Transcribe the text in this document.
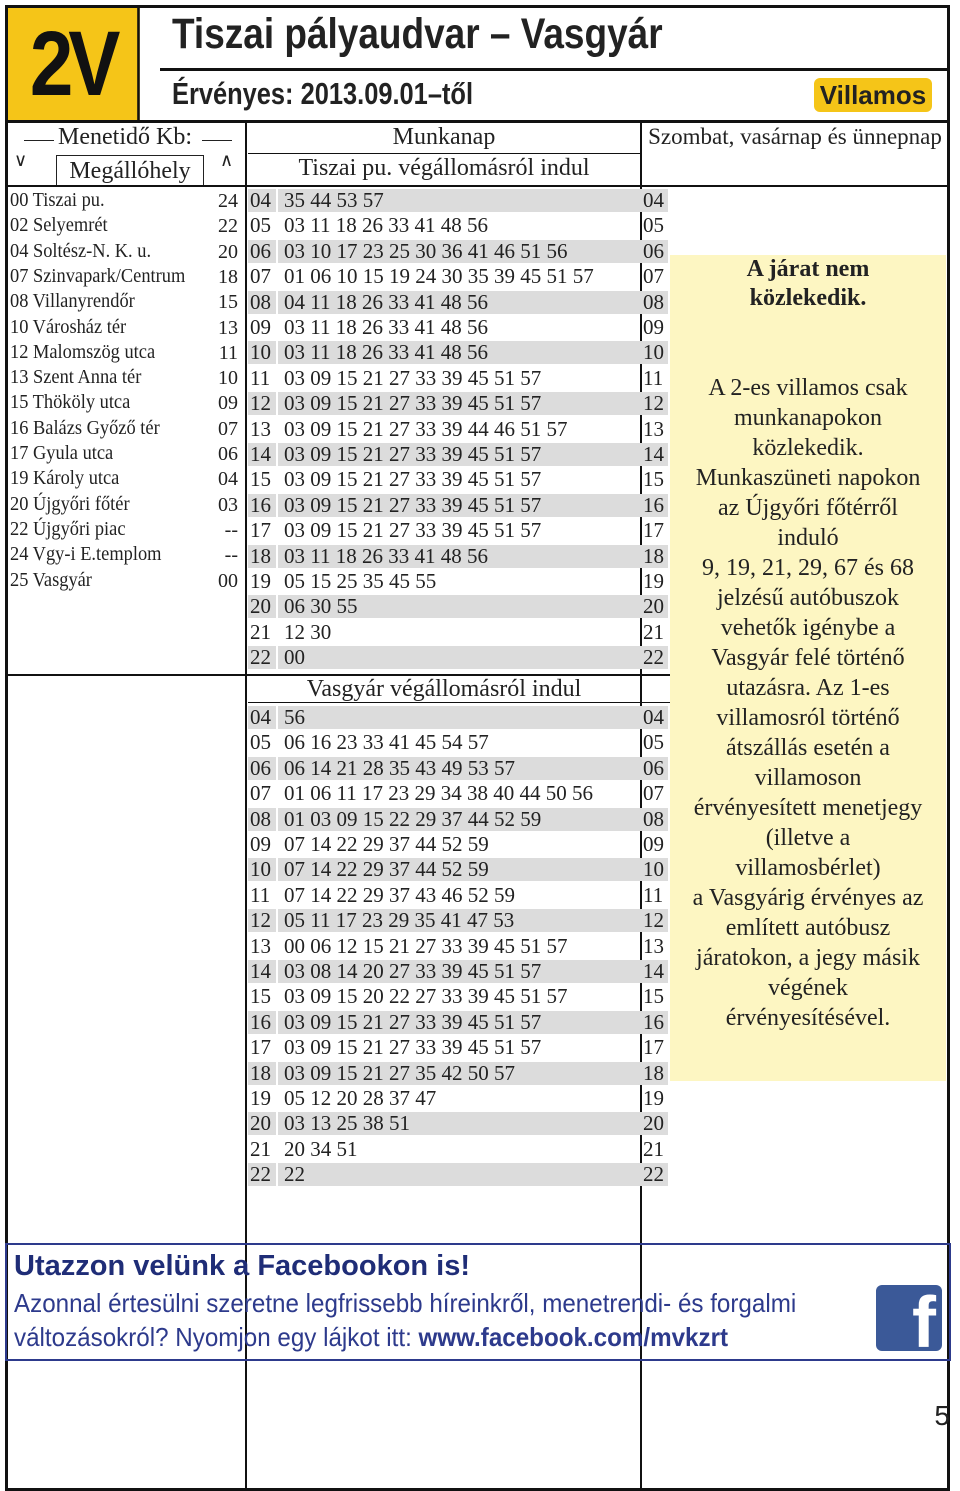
2V	Tiszai pályaudvar – Vasgyár
Érvényes: 2013.09.01–től	Villamos
Menetidő Kb:
∨	∧
Megállóhely
Munkanap
Tiszai pu. végállomásról indul
Szombat, vasárnap és ünnepnap
00 Tiszai pu.	24
02 Selyemrét	22
04 Soltész-N. K. u.	20
07 Szinvapark/Centrum	18
08 Villanyrendőr	15
10 Városház tér	13
12 Malomszög utca	11
13 Szent Anna tér	10
15 Thököly utca	09
16 Balázs Győző tér	07
17 Gyula utca	06
19 Károly utca	04
20 Újgyőri főtér	03
22 Újgyőri piac	--
24 Vgy-i E.templom	--
25 Vasgyár	00
04 35 44 53 57	04
05 03 11 18 26 33 41 48 56	05
06 03 10 17 23 25 30 36 41 46 51 56	06
07 01 06 10 15 19 24 30 35 39 45 51 57	07
08 04 11 18 26 33 41 48 56	08
09 03 11 18 26 33 41 48 56	09
10 03 11 18 26 33 41 48 56	10
11 03 09 15 21 27 33 39 45 51 57	11
12 03 09 15 21 27 33 39 45 51 57	12
13 03 09 15 21 27 33 39 44 46 51 57	13
14 03 09 15 21 27 33 39 45 51 57	14
15 03 09 15 21 27 33 39 45 51 57	15
16 03 09 15 21 27 33 39 45 51 57	16
17 03 09 15 21 27 33 39 45 51 57	17
18 03 11 18 26 33 41 48 56	18
19 05 15 25 35 45 55	19
20 06 30 55	20
21 12 30	21
22 00	22
Vasgyár végállomásról indul
04 56	04
05 06 16 23 33 41 45 54 57	05
06 06 14 21 28 35 43 49 53 57	06
07 01 06 11 17 23 29 34 38 40 44 50 56	07
08 01 03 09 15 22 29 37 44 52 59	08
09 07 14 22 29 37 44 52 59	09
10 07 14 22 29 37 44 52 59	10
11 07 14 22 29 37 43 46 52 59	11
12 05 11 17 23 29 35 41 47 53	12
13 00 06 12 15 21 27 33 39 45 51 57	13
14 03 08 14 20 27 33 39 45 51 57	14
15 03 09 15 20 22 27 33 39 45 51 57	15
16 03 09 15 21 27 33 39 45 51 57	16
17 03 09 15 21 27 33 39 45 51 57	17
18 03 09 15 21 27 35 42 50 57	18
19 05 12 20 28 37 47	19
20 03 13 25 38 51	20
21 20 34 51	21
22 22	22
A járat nem
közlekedik.
A 2-es villamos csak
munkanapokon
közlekedik.
Munkaszüneti napokon
az Újgyőri főtérről
induló
9, 19, 21, 29, 67 és 68
jelzésű autóbuszok
vehetők igénybe a
Vasgyár felé történő
utazásra. Az 1-es
villamosról történő
átszállás esetén a
villamoson
érvényesített menetjegy
(illetve a
villamosbérlet)
a Vasgyárig érvényes az
említett autóbusz
járatokon, a jegy másik
végének
érvényesítésével.
Utazzon velünk a Facebookon is!
Azonnal értesülni szeretne legfrissebb híreinkről, menetrendi- és forgalmi
változásokról? Nyomjon egy lájkot itt: www.facebook.com/mvkzrt	f
5
